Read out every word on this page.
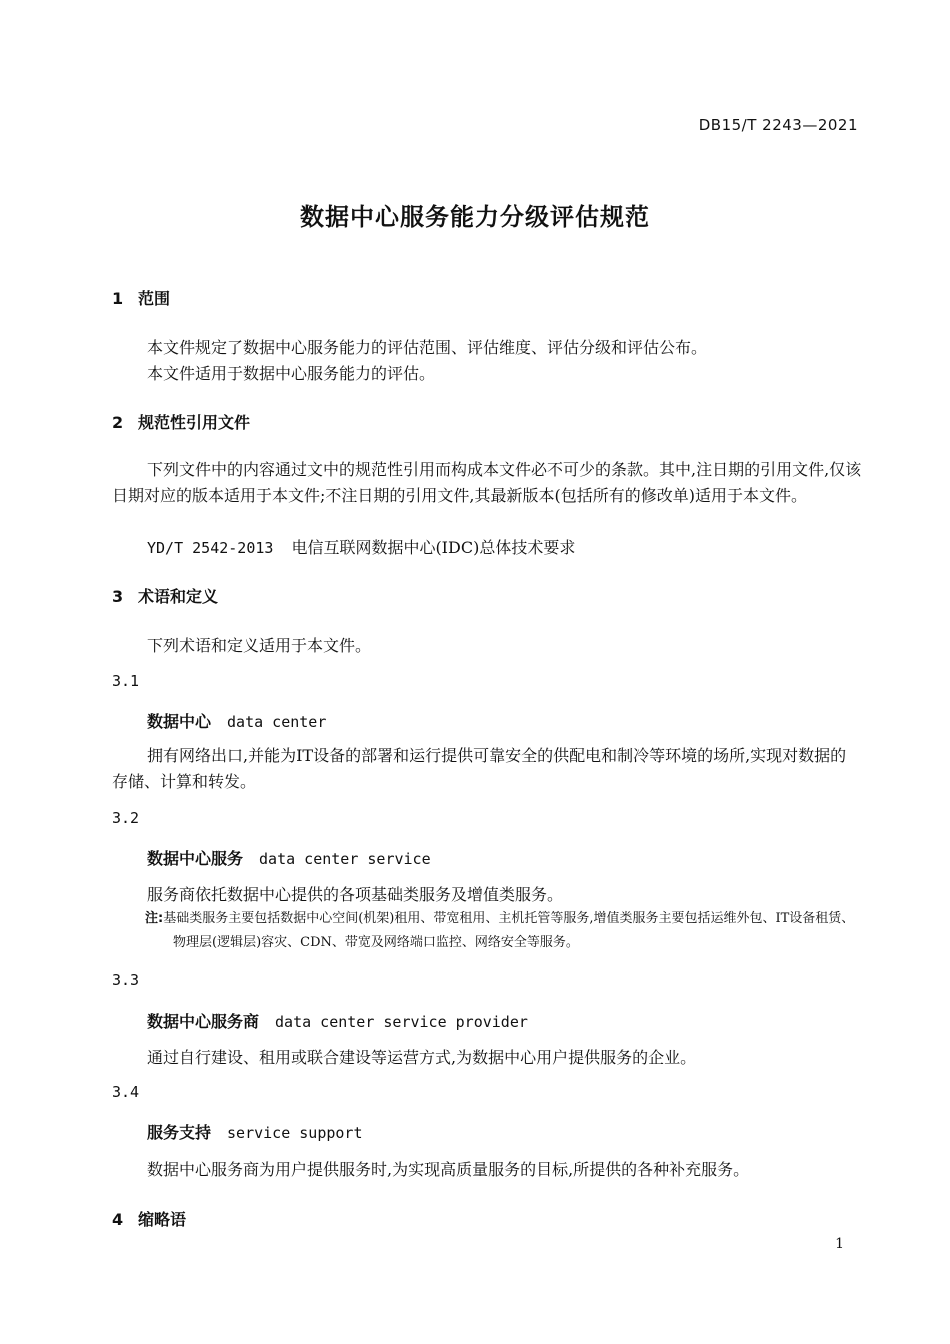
DB15/T 2243—2021
数据中心服务能力分级评估规范
1 范围
本文件规定了数据中心服务能力的评估范围、评估维度、评估分级和评估公布。
本文件适用于数据中心服务能力的评估。
2 规范性引用文件
下列文件中的内容通过文中的规范性引用而构成本文件必不可少的条款。其中,注日期的引用文件,仅该日期对应的版本适用于本文件;不注日期的引用文件,其最新版本(包括所有的修改单)适用于本文件。
YD/T 2542-2013 电信互联网数据中心(IDC)总体技术要求
3 术语和定义
下列术语和定义适用于本文件。
3.1
数据中心 data center
拥有网络出口,并能为IT设备的部署和运行提供可靠安全的供配电和制冷等环境的场所,实现对数据的存储、计算和转发。
3.2
数据中心服务 data center service
服务商依托数据中心提供的各项基础类服务及增值类服务。
注:基础类服务主要包括数据中心空间(机架)租用、带宽租用、主机托管等服务,增值类服务主要包括运维外包、IT设备租赁、物理层(逻辑层)容灾、CDN、带宽及网络端口监控、网络安全等服务。
3.3
数据中心服务商 data center service provider
通过自行建设、租用或联合建设等运营方式,为数据中心用户提供服务的企业。
3.4
服务支持 service support
数据中心服务商为用户提供服务时,为实现高质量服务的目标,所提供的各种补充服务。
4 缩略语
1
